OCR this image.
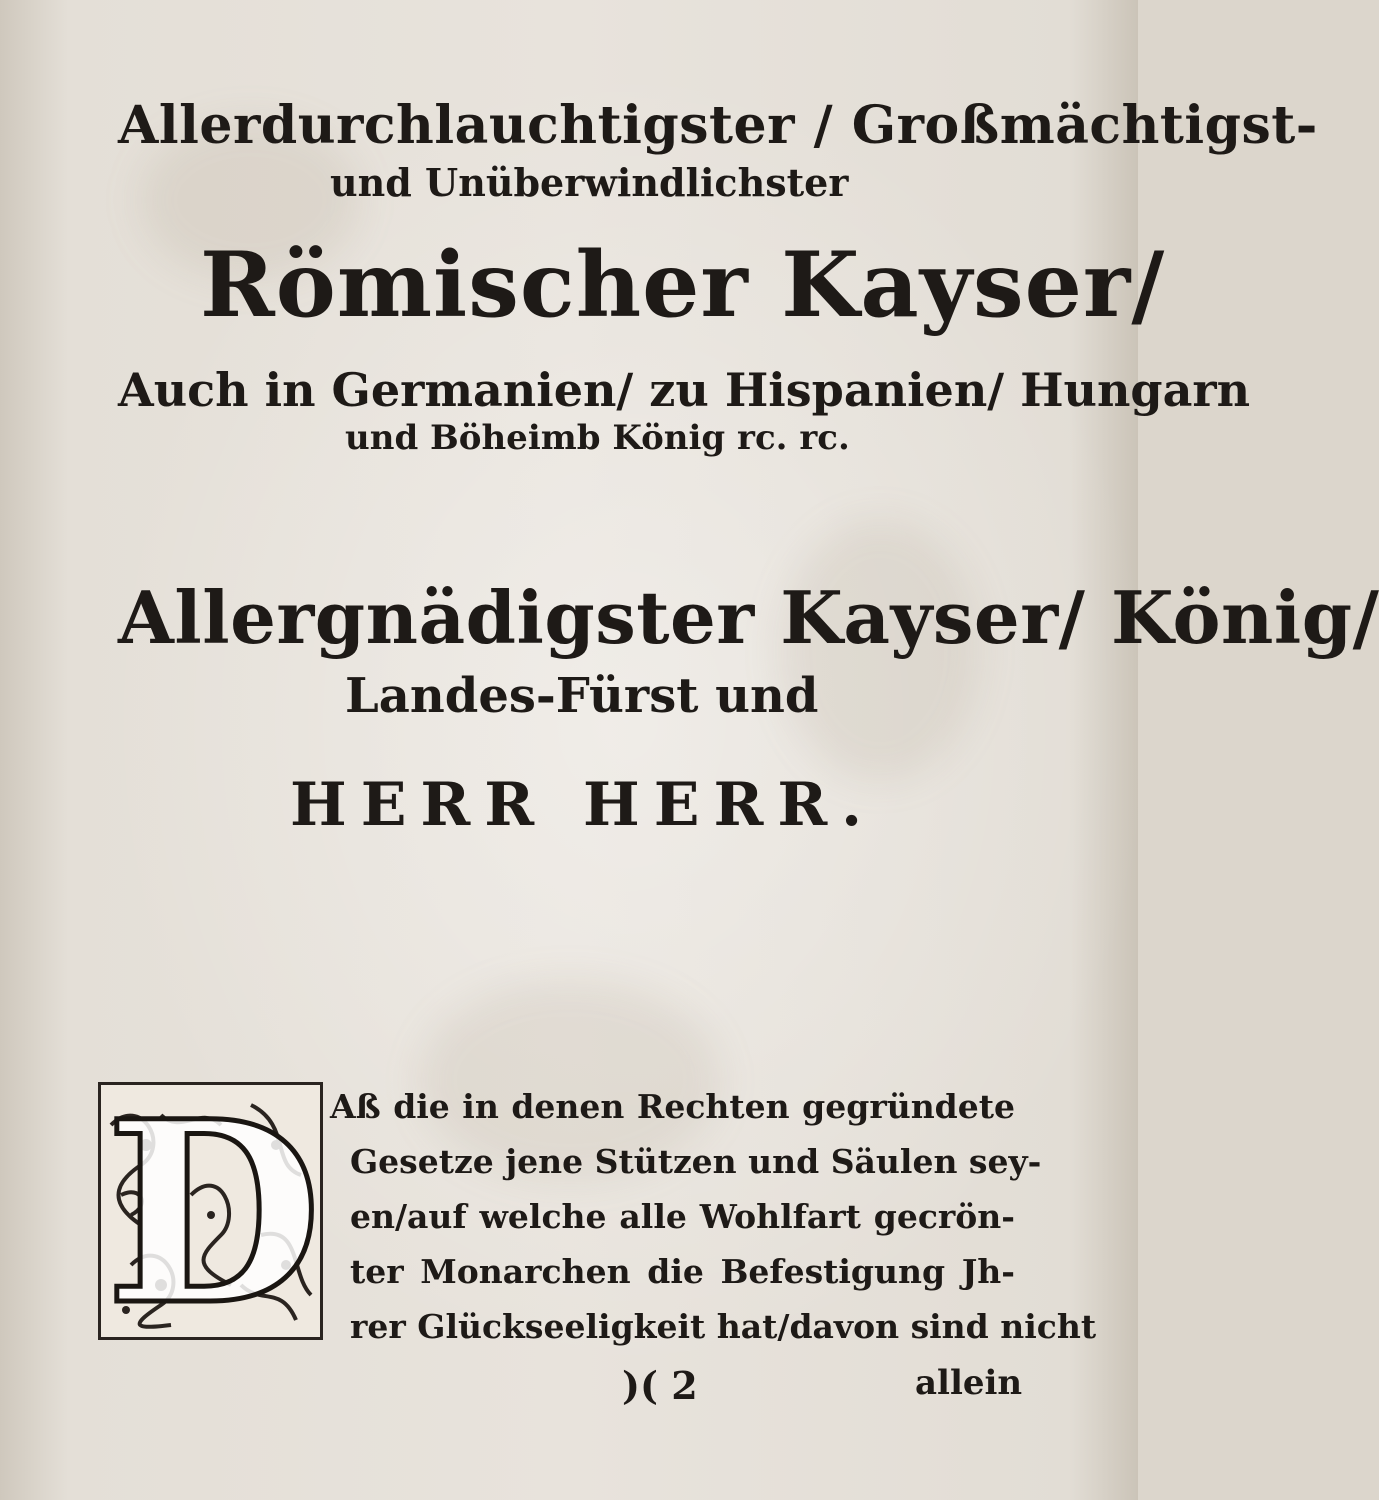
Allerdurchlauchtigster / Großmächtigst-
und Unüberwindlichster
Römischer Kayser/
Auch in Germanien/ zu Hispanien/ Hungarn
und Böheimb König rc. rc.
Allergnädigster Kayser/ König/
Landes-Fürst und
HERR HERR.
D Aß die in denen Rechten gegründete
Gesetze jene Stützen und Säulen sey-
en/auf welche alle Wohlfart gecrön-
ter Monarchen die Befestigung Jh-
rer Glückseeligkeit hat/davon sind nicht
)( 2	allein
